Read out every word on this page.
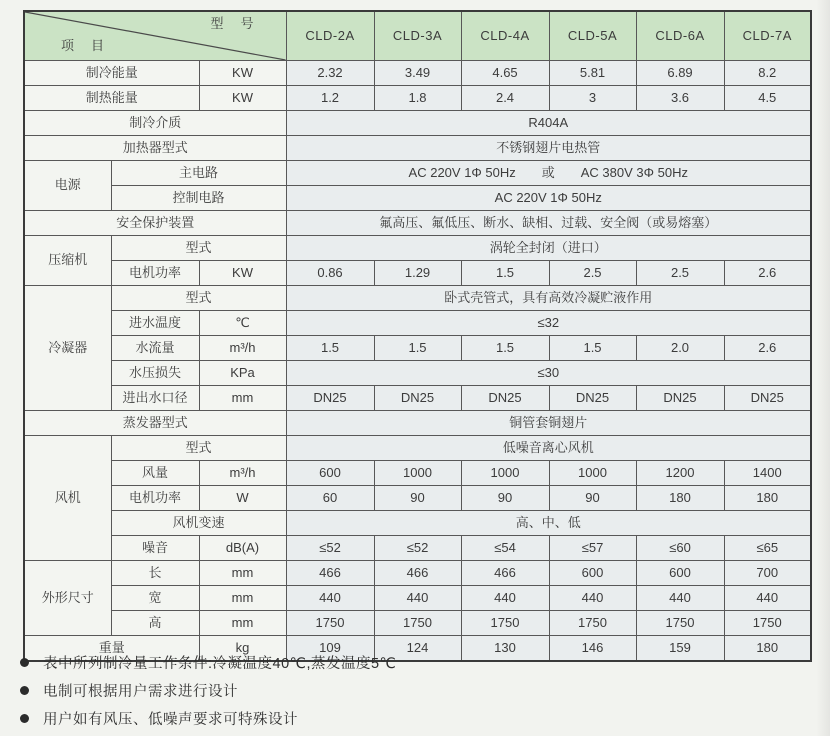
型　号
项　目			CLD-2A	CLD-3A	CLD-4A	CLD-5A	CLD-6A	CLD-7A
制冷能量		KW	2.32	3.49	4.65	5.81	6.89	8.2
制热能量		KW	1.2	1.8	2.4	3	3.6	4.5
制冷介质			R404A					
加热器型式			不锈钢翅片电热管					
电源	主电路		AC 220V 1Φ 50Hz　　或　　AC 380V 3Φ 50Hz					
	控制电路		AC 220V 1Φ 50Hz					
安全保护装置			氟高压、氟低压、断水、缺相、过载、安全阀（或易熔塞）					
压缩机	型式		涡轮全封闭（进口）					
	电机功率	KW	0.86	1.29	1.5	2.5	2.5	2.6
冷凝器	型式		卧式壳管式，具有高效冷凝贮液作用					
	进水温度	℃	≤32					
	水流量	m³/h	1.5	1.5	1.5	1.5	2.0	2.6
	水压损失	KPa	≤30					
	进出水口径	mm	DN25	DN25	DN25	DN25	DN25	DN25
蒸发器型式			铜管套铜翅片					
风机	型式		低噪音离心风机					
	风量	m³/h	600	1000	1000	1000	1200	1400
	电机功率	W	60	90	90	90	180	180
	风机变速		高、中、低					
	噪音	dB(A)	≤52	≤52	≤54	≤57	≤60	≤65
外形尺寸	长	mm	466	466	466	600	600	700
	宽	mm	440	440	440	440	440	440
	高	mm	1750	1750	1750	1750	1750	1750
重量		kg	109	124	130	146	159	180
表中所列制冷量工作条件:冷凝温度40℃,蒸发温度5℃
电制可根据用户需求进行设计
用户如有风压、低噪声要求可特殊设计
